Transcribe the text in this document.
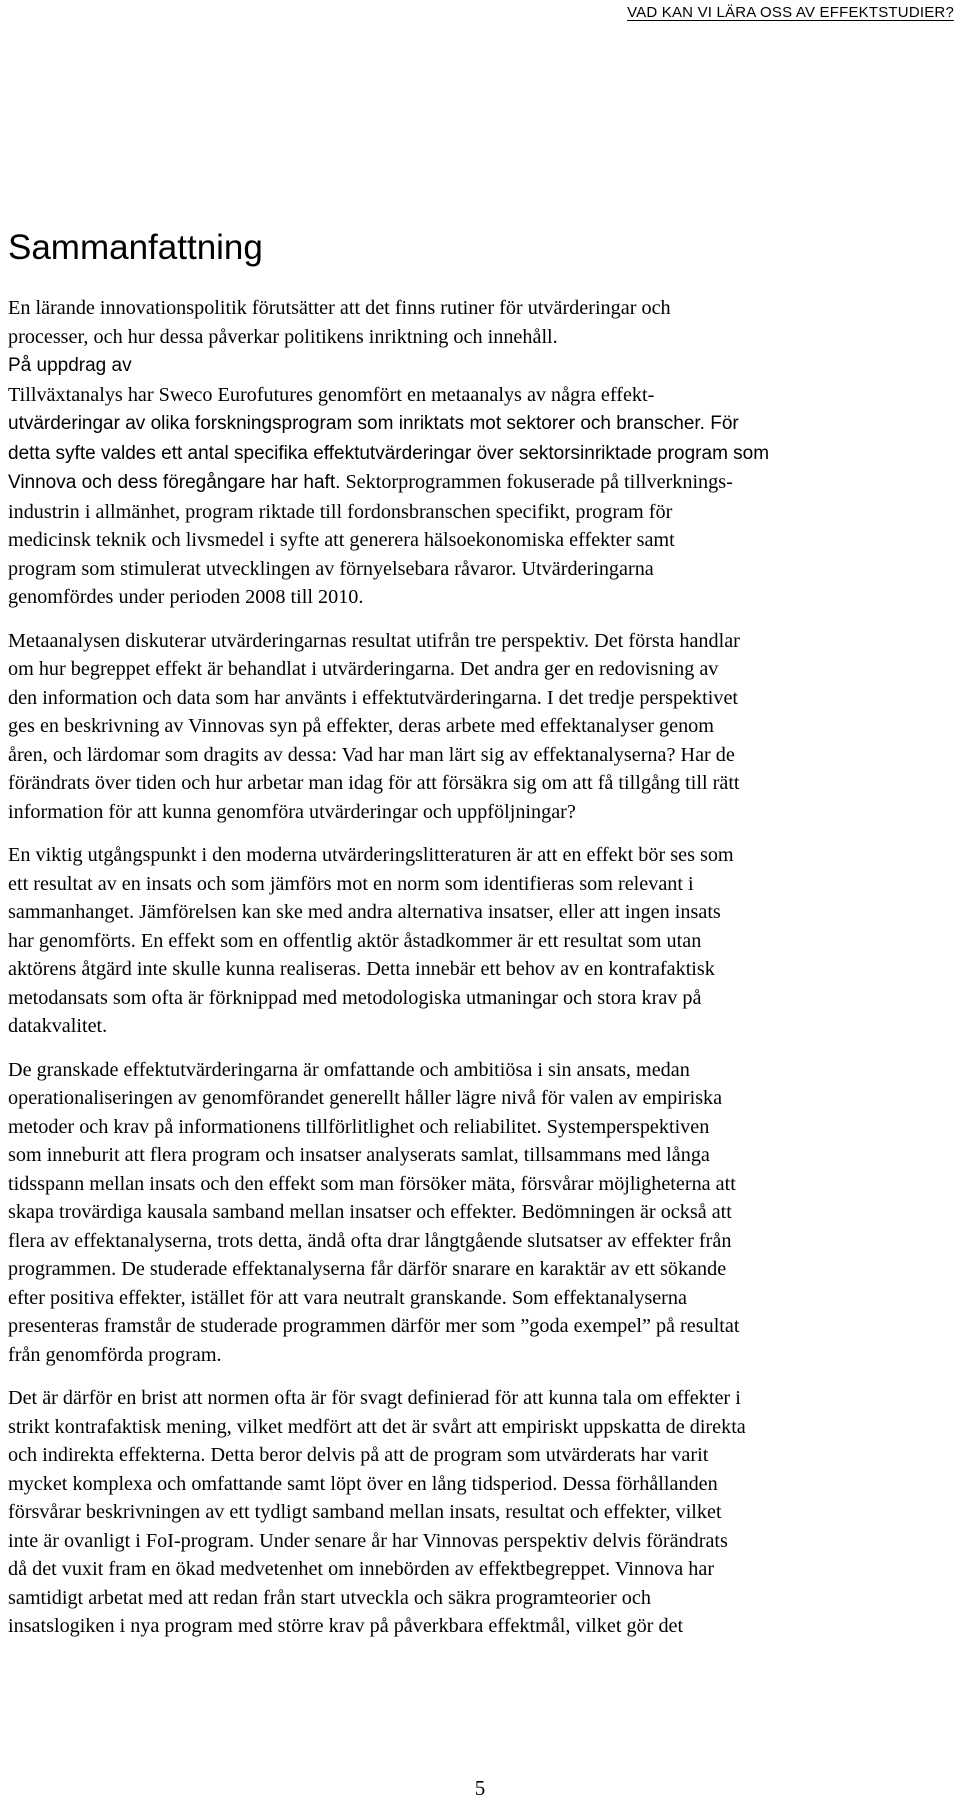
VAD KAN VI LÄRA OSS AV EFFEKTSTUDIER?
Sammanfattning
En lärande innovationspolitik förutsätter att det finns rutiner för utvärderingar och
processer, och hur dessa påverkar politikens inriktning och innehåll.
På uppdrag av
Tillväxtanalys har Sweco Eurofutures genomfört en metaanalys av några effekt-
utvärderingar av olika forskningsprogram som inriktats mot sektorer och branscher. För
detta syfte valdes ett antal specifika effektutvärderingar över sektorsinriktade program som
Vinnova och dess föregångare har haft. Sektorprogrammen fokuserade på tillverknings-
industrin i allmänhet, program riktade till fordonsbranschen specifikt, program för
medicinsk teknik och livsmedel i syfte att generera hälsoekonomiska effekter samt
program som stimulerat utvecklingen av förnyelsebara råvaror. Utvärderingarna
genomfördes under perioden 2008 till 2010.
Metaanalysen diskuterar utvärderingarnas resultat utifrån tre perspektiv. Det första handlar
om hur begreppet effekt är behandlat i utvärderingarna. Det andra ger en redovisning av
den information och data som har använts i effektutvärderingarna. I det tredje perspektivet
ges en beskrivning av Vinnovas syn på effekter, deras arbete med effektanalyser genom
åren, och lärdomar som dragits av dessa: Vad har man lärt sig av effektanalyserna? Har de
förändrats över tiden och hur arbetar man idag för att försäkra sig om att få tillgång till rätt
information för att kunna genomföra utvärderingar och uppföljningar?
En viktig utgångspunkt i den moderna utvärderingslitteraturen är att en effekt bör ses som
ett resultat av en insats och som jämförs mot en norm som identifieras som relevant i
sammanhanget. Jämförelsen kan ske med andra alternativa insatser, eller att ingen insats
har genomförts. En effekt som en offentlig aktör åstadkommer är ett resultat som utan
aktörens åtgärd inte skulle kunna realiseras. Detta innebär ett behov av en kontrafaktisk
metodansats som ofta är förknippad med metodologiska utmaningar och stora krav på
datakvalitet.
De granskade effektutvärderingarna är omfattande och ambitiösa i sin ansats, medan
operationaliseringen av genomförandet generellt håller lägre nivå för valen av empiriska
metoder och krav på informationens tillförlitlighet och reliabilitet. Systemperspektiven
som inneburit att flera program och insatser analyserats samlat, tillsammans med långa
tidsspann mellan insats och den effekt som man försöker mäta, försvårar möjligheterna att
skapa trovärdiga kausala samband mellan insatser och effekter. Bedömningen är också att
flera av effektanalyserna, trots detta, ändå ofta drar långtgående slutsatser av effekter från
programmen. De studerade effektanalyserna får därför snarare en karaktär av ett sökande
efter positiva effekter, istället för att vara neutralt granskande. Som effektanalyserna
presenteras framstår de studerade programmen därför mer som ”goda exempel” på resultat
från genomförda program.
Det är därför en brist att normen ofta är för svagt definierad för att kunna tala om effekter i
strikt kontrafaktisk mening, vilket medfört att det är svårt att empiriskt uppskatta de direkta
och indirekta effekterna. Detta beror delvis på att de program som utvärderats har varit
mycket komplexa och omfattande samt löpt över en lång tidsperiod. Dessa förhållanden
försvårar beskrivningen av ett tydligt samband mellan insats, resultat och effekter, vilket
inte är ovanligt i FoI-program. Under senare år har Vinnovas perspektiv delvis förändrats
då det vuxit fram en ökad medvetenhet om innebörden av effektbegreppet. Vinnova har
samtidigt arbetat med att redan från start utveckla och säkra programteorier och
insatslogiken i nya program med större krav på påverkbara effektmål, vilket gör det
5
